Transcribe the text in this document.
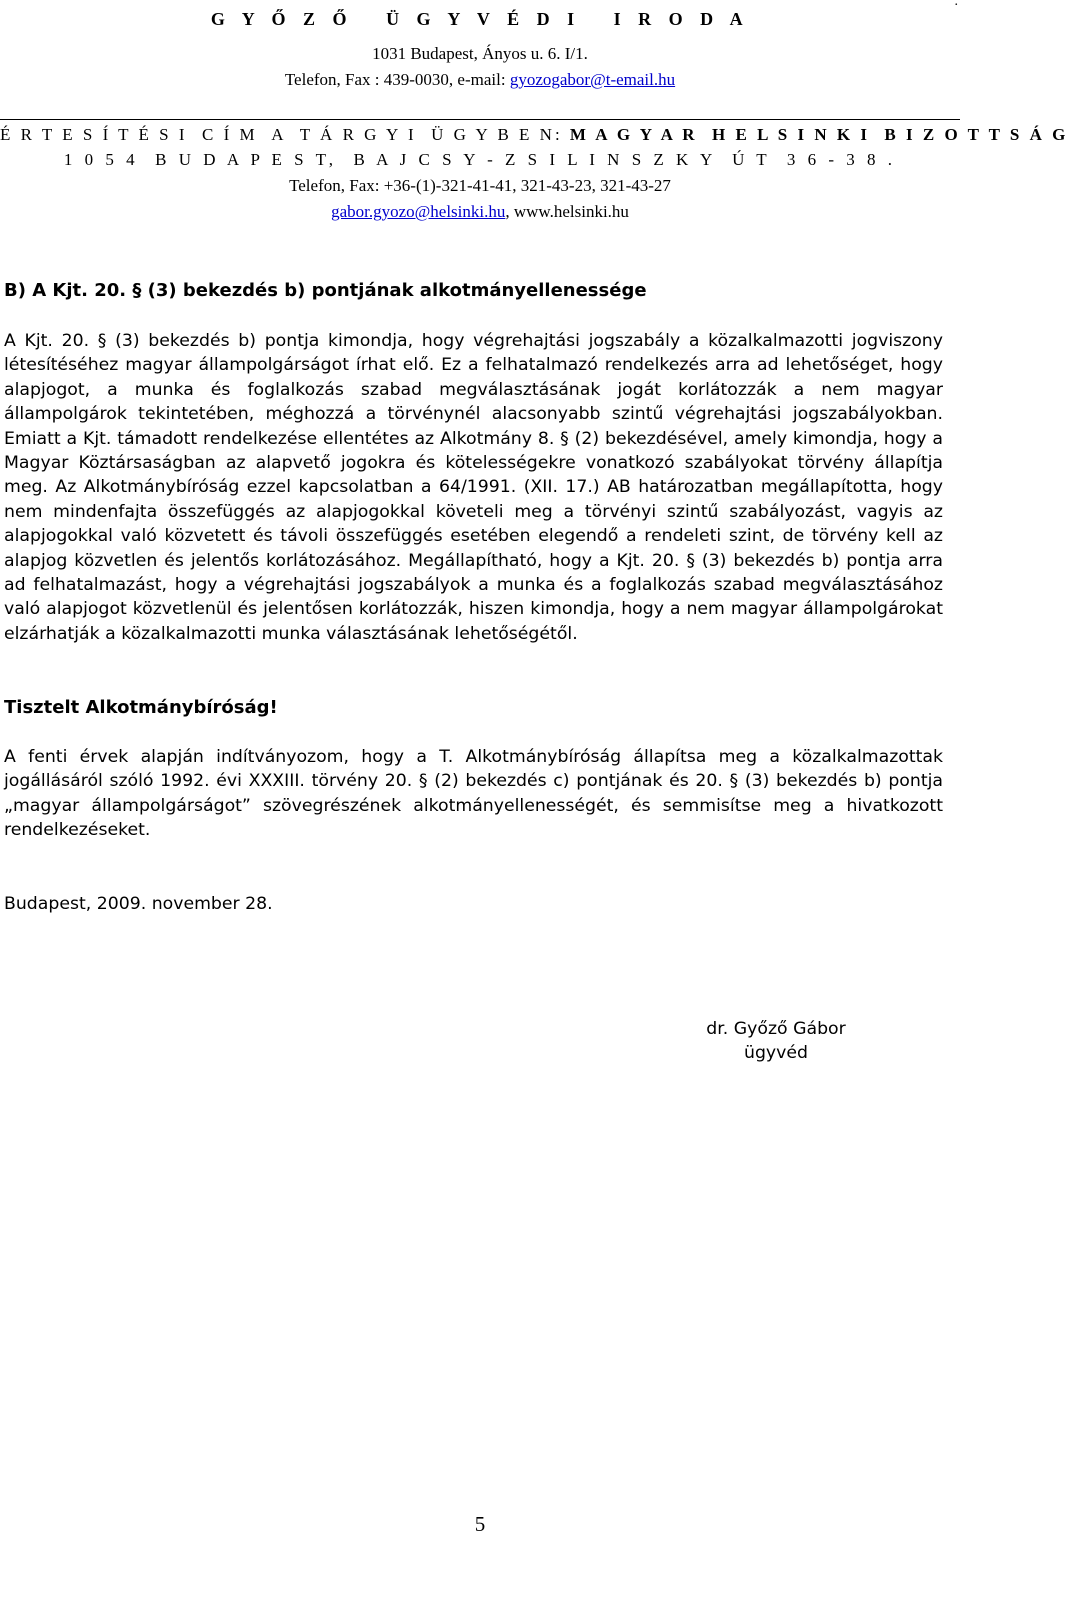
.
G Y Ő Z Ő   Ü G Y V É D I   I R O D A
1031 Budapest, Ányos u. 6. I/1.
Telefon, Fax : 439-0030, e-mail: gyozogabor@t-email.hu
É R T E S Í T É S I  C Í M  A  T Á R G Y I  Ü G Y B E N: M A G Y A R  H E L S I N K I  B I Z O T T S Á G
1 0 5 4  B U D A P E S T,  B A J C S Y - Z S I L I N S Z K Y  Ú T  3 6 - 3 8 .
Telefon, Fax: +36-(1)-321-41-41, 321-43-23, 321-43-27
gabor.gyozo@helsinki.hu, www.helsinki.hu
B) A Kjt. 20. § (3) bekezdés b) pontjának alkotmányellenessége
A Kjt. 20. § (3) bekezdés b) pontja kimondja, hogy végrehajtási jogszabály a közalkalmazotti jogviszony létesítéséhez magyar állampolgárságot írhat elő. Ez a felhatalmazó rendelkezés arra ad lehetőséget, hogy alapjogot, a munka és foglalkozás szabad megválasztásának jogát korlátozzák a nem magyar állampolgárok tekintetében, méghozzá a törvénynél alacsonyabb szintű végrehajtási jogszabályokban. Emiatt a Kjt. támadott rendelkezése ellentétes az Alkotmány 8. § (2) bekezdésével, amely kimondja, hogy a Magyar Köztársaságban az alapvető jogokra és kötelességekre vonatkozó szabályokat törvény állapítja meg. Az Alkotmánybíróság ezzel kapcsolatban a 64/1991. (XII. 17.) AB határozatban megállapította, hogy nem mindenfajta összefüggés az alapjogokkal követeli meg a törvényi szintű szabályozást, vagyis az alapjogokkal való közvetett és távoli összefüggés esetében elegendő a rendeleti szint, de törvény kell az alapjog közvetlen és jelentős korlátozásához. Megállapítható, hogy a Kjt. 20. § (3) bekezdés b) pontja arra ad felhatalmazást, hogy a végrehajtási jogszabályok a munka és a foglalkozás szabad megválasztásához való alapjogot közvetlenül és jelentősen korlátozzák, hiszen kimondja, hogy a nem magyar állampolgárokat elzárhatják a közalkalmazotti munka választásának lehetőségétől.
Tisztelt Alkotmánybíróság!
A fenti érvek alapján indítványozom, hogy a T. Alkotmánybíróság állapítsa meg a közalkalmazottak jogállásáról szóló 1992. évi XXXIII. törvény 20. § (2) bekezdés c) pontjának és 20. § (3) bekezdés b) pontja „magyar állampolgárságot” szövegrészének alkotmányellenességét, és semmisítse meg a hivatkozott rendelkezéseket.
Budapest, 2009. november 28.
dr. Győző Gábor
ügyvéd
5
